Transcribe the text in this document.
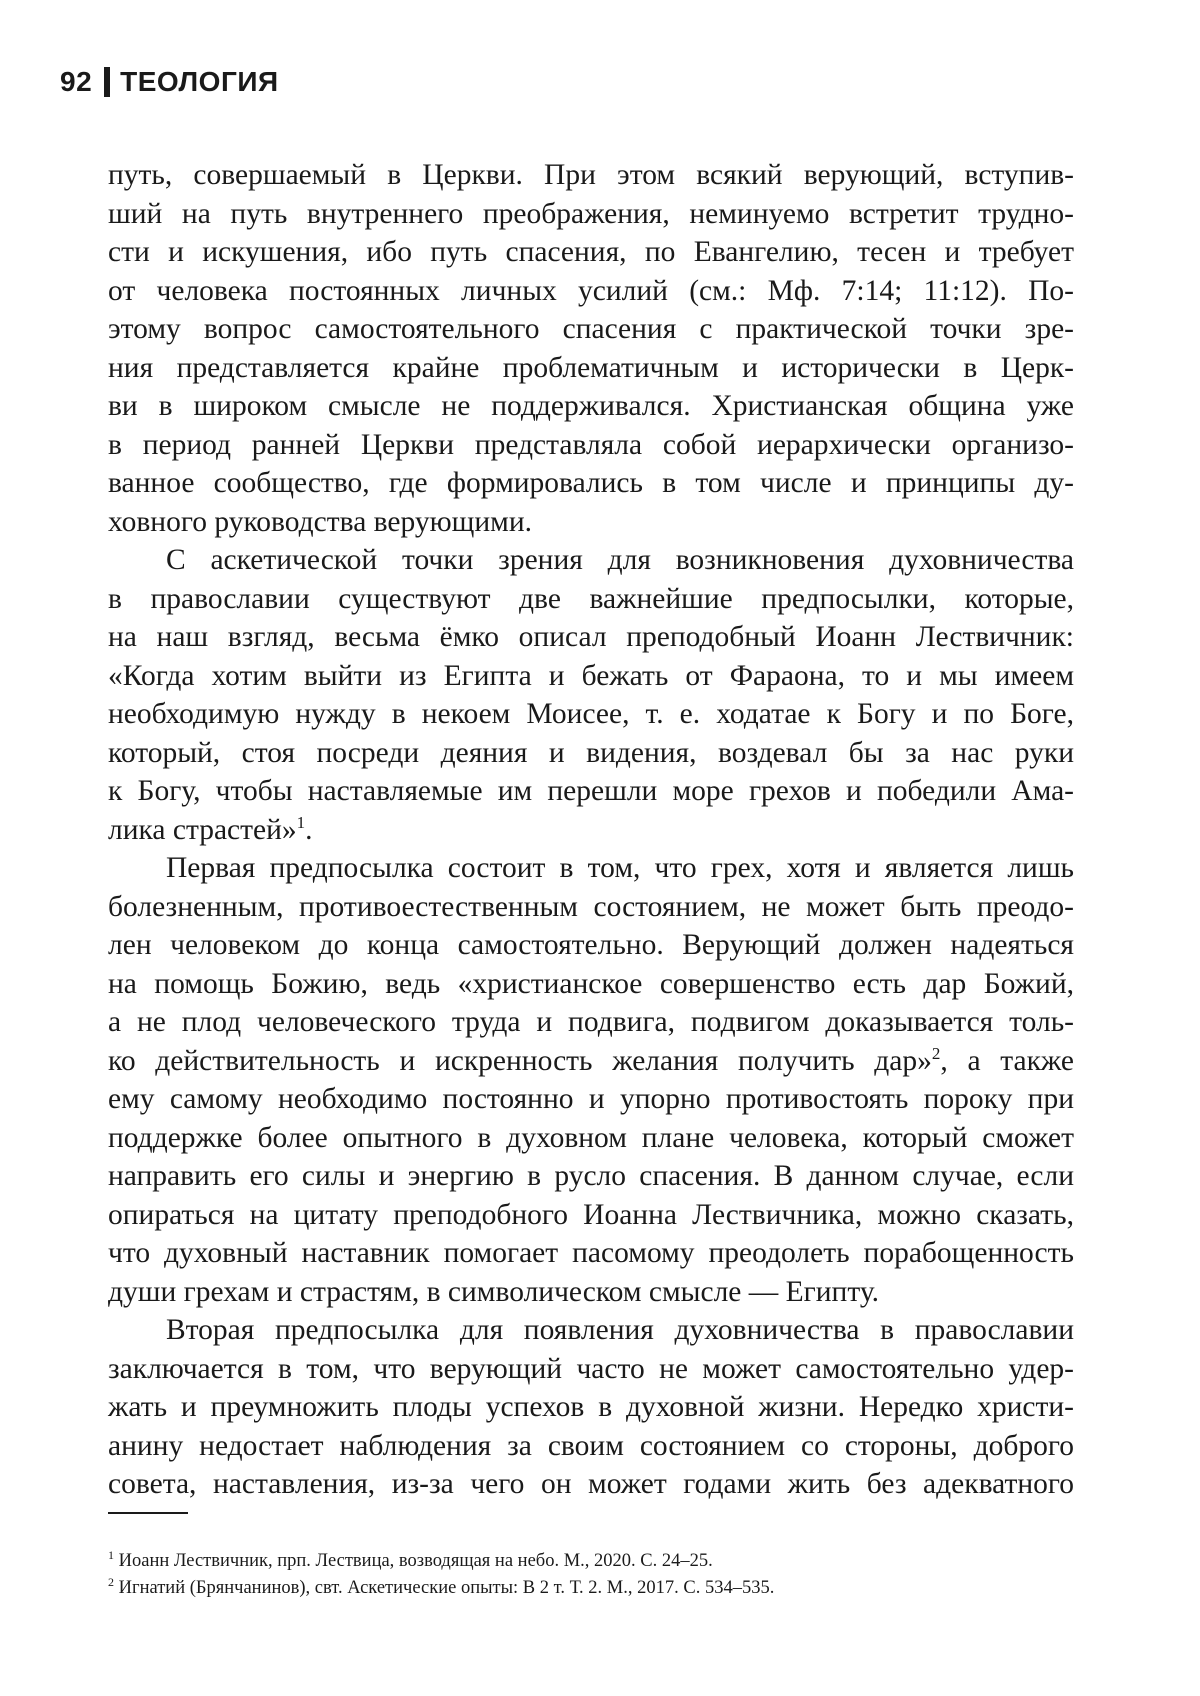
92 ТЕОЛОГИЯ
путь, совершаемый в Церкви. При этом всякий верующий, вступив-
ший на путь внутреннего преображения, неминуемо встретит трудно-
сти и искушения, ибо путь спасения, по Евангелию, тесен и требует
от человека постоянных личных усилий (см.: Мф. 7:14; 11:12). По-
этому вопрос самостоятельного спасения с практической точки зре-
ния представляется крайне проблематичным и исторически в Церк-
ви в широком смысле не поддерживался. Христианская община уже
в период ранней Церкви представляла собой иерархически организо-
ванное сообщество, где формировались в том числе и принципы ду-
ховного руководства верующими.
С аскетической точки зрения для возникновения духовничества
в православии существуют две важнейшие предпосылки, которые,
на наш взгляд, весьма ёмко описал преподобный Иоанн Лествичник:
«Когда хотим выйти из Египта и бежать от Фараона, то и мы имеем
необходимую нужду в некоем Моисее, т. е. ходатае к Богу и по Боге,
который, стоя посреди деяния и видения, воздевал бы за нас руки
к Богу, чтобы наставляемые им перешли море грехов и победили Ама-
лика страстей»$^1$.
Первая предпосылка состоит в том, что грех, хотя и является лишь
болезненным, противоестественным состоянием, не может быть преодо-
лен человеком до конца самостоятельно. Верующий должен надеяться
на помощь Божию, ведь «христианское совершенство есть дар Божий,
а не плод человеческого труда и подвига, подвигом доказывается толь-
ко действительность и искренность желания получить дар»$^2$, а также
ему самому необходимо постоянно и упорно противостоять пороку при
поддержке более опытного в духовном плане человека, который сможет
направить его силы и энергию в русло спасения. В данном случае, если
опираться на цитату преподобного Иоанна Лествичника, можно сказать,
что духовный наставник помогает пасомому преодолеть порабощенность
души грехам и страстям, в символическом смысле — Египту.
Вторая предпосылка для появления духовничества в православии
заключается в том, что верующий часто не может самостоятельно удер-
жать и преумножить плоды успехов в духовной жизни. Нередко христи-
анину недостает наблюдения за своим состоянием со стороны, доброго
совета, наставления, из-за чего он может годами жить без адекватного
$^1$ Иоанн Лествичник, прп. Лествица, возводящая на небо. М., 2020. С. 24–25.
$^2$ Игнатий (Брянчанинов), свт. Аскетические опыты: В 2 т. Т. 2. М., 2017. С. 534–535.
